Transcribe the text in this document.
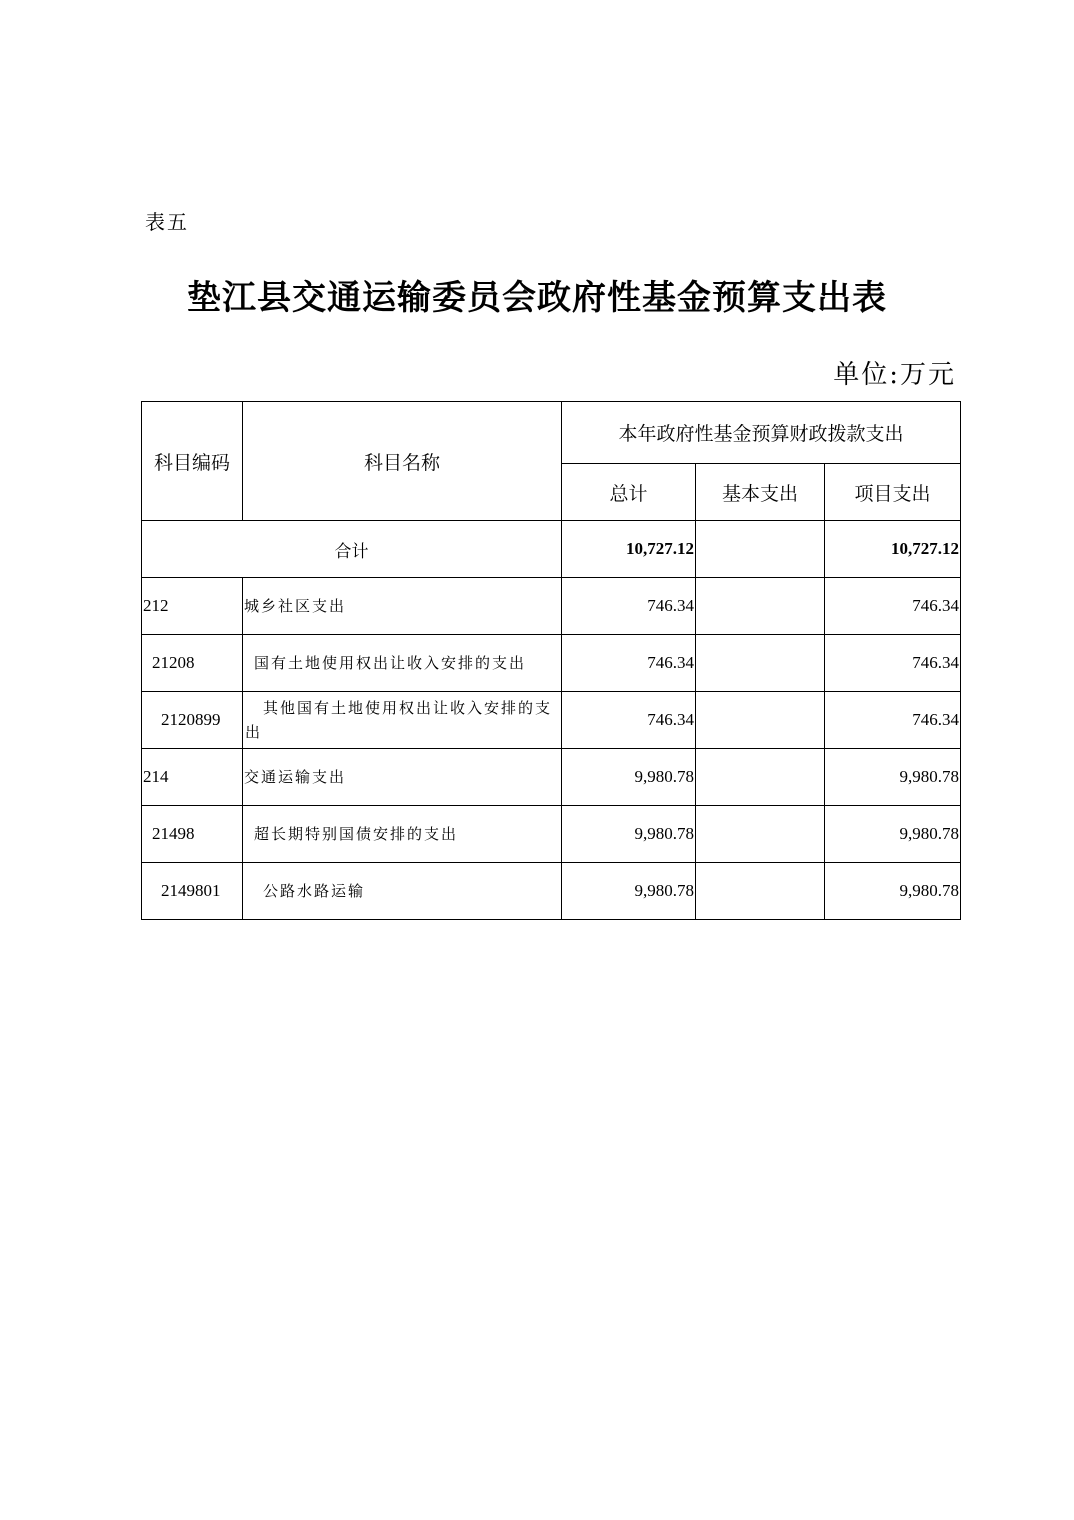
表五
垫江县交通运输委员会政府性基金预算支出表
单位:万元
科目编码	科目名称	本年政府性基金预算财政拨款支出		
		总计	基本支出	项目支出
合计		10,727.12		10,727.12
212	城乡社区支出	746.34		746.34
21208	国有土地使用权出让收入安排的支出	746.34		746.34
2120899	其他国有土地使用权出让收入安排的支出	746.34		746.34
214	交通运输支出	9,980.78		9,980.78
21498	超长期特别国债安排的支出	9,980.78		9,980.78
2149801	公路水路运输	9,980.78		9,980.78
